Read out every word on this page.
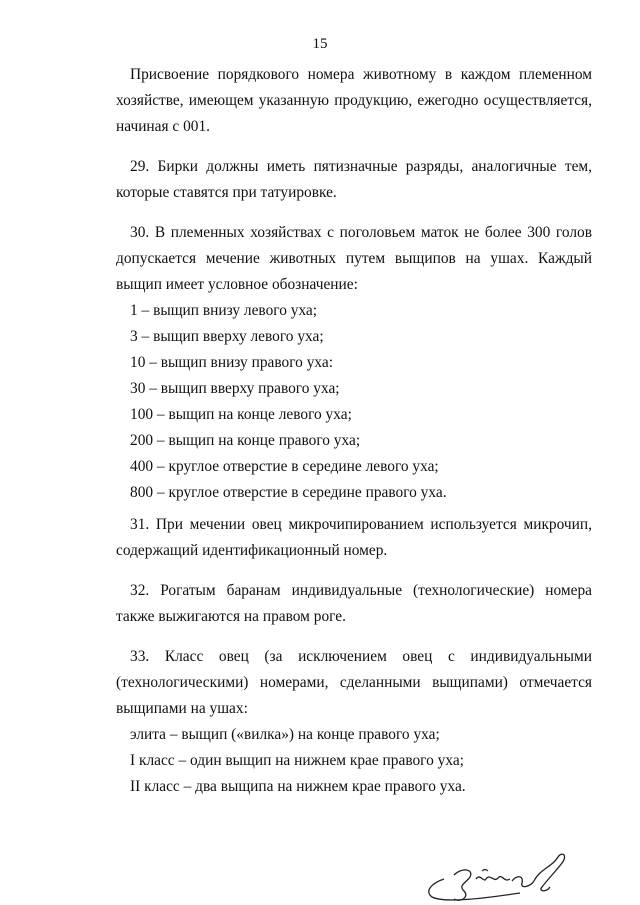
15

Присвоение порядкового номера животному в каждом племенном хозяйстве, имеющем указанную продукцию, ежегодно осуществляется, начиная с 001.

29. Бирки должны иметь пятизначные разряды, аналогичные тем, которые ставятся при татуировке.

30. В племенных хозяйствах с поголовьем маток не более 300 голов допускается мечение животных путем выщипов на ушах. Каждый выщип имеет условное обозначение:

1 – выщип внизу левого уха;

3 – выщип вверху левого уха;

10 – выщип внизу правого уха:

30 – выщип вверху правого уха;

100 – выщип на конце левого уха;

200 – выщип на конце правого уха;

400 – круглое отверстие в середине левого уха;

800 – круглое отверстие в середине правого уха.

31. При мечении овец микрочипированием используется микрочип, содержащий идентификационный номер.

32. Рогатым баранам индивидуальные (технологические) номера также выжигаются на правом роге.

33. Класс овец (за исключением овец с индивидуальными (технологическими) номерами, сделанными выщипами) отмечается выщипами на ушах:

элита – выщип («вилка») на конце правого уха;

I класс – один выщип на нижнем крае правого уха;

II класс – два выщипа на нижнем крае правого уха.
